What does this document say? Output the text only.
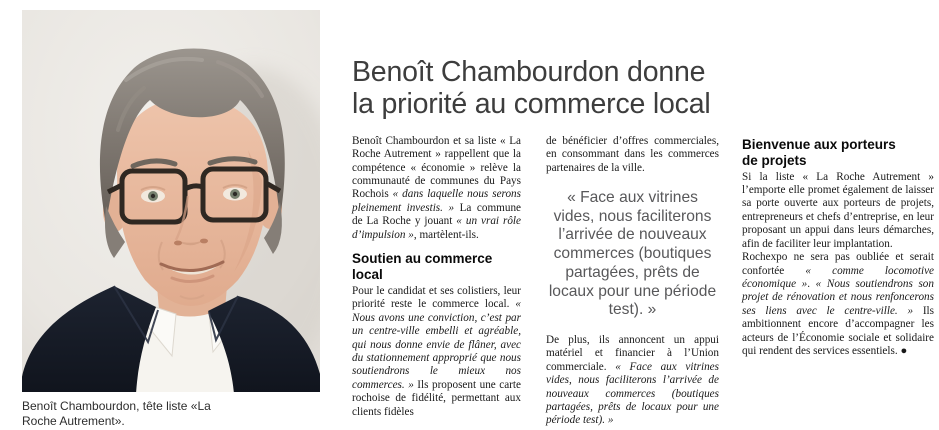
Benoît Chambourdon, tête liste «La Roche Autrement».
Benoît Chambourdon donne
la priorité au commerce local

Benoît Chambourdon et sa liste « La Roche Autrement » rappellent que la compétence « économie » relève la communauté de communes du Pays Rochois « dans laquelle nous serons pleinement investis. » La commune de La Roche y jouant « un vrai rôle d’impulsion », martèlent-ils.

Soutien au commerce local

Pour le candidat et ses colistiers, leur priorité reste le commerce local. « Nous avons une conviction, c’est par un centre-ville embelli et agréable, qui nous donne envie de flâner, avec du stationnement approprié que nous soutiendrons le mieux nos commerces. » Ils proposent une carte rochoise de fidélité, permettant aux clients fidèles

de bénéficier d’offres commerciales, en consommant dans les commerces partenaires de la ville.

« Face aux vitrines vides, nous faciliterons l’arrivée de nouveaux commerces (boutiques partagées, prêts de locaux pour une période test). »

De plus, ils annoncent un appui matériel et financier à l’Union commerciale. « Face aux vitrines vides, nous faciliterons l’arrivée de nouveaux commerces (boutiques partagées, prêts de locaux pour une période test). »

Bienvenue aux porteurs de projets

Si la liste « La Roche Autrement » l’emporte elle promet également de laisser sa porte ouverte aux porteurs de projets, entrepreneurs et chefs d’entreprise, en leur proposant un appui dans leurs démarches, afin de faciliter leur implantation.

Rochexpo ne sera pas oubliée et serait confortée « comme locomotive économique ». « Nous soutiendrons son projet de rénovation et nous renfoncerons ses liens avec le centre-ville. » Ils ambitionnent encore d’accompagner les acteurs de l’Économie sociale et solidaire qui rendent des services essentiels. ●
